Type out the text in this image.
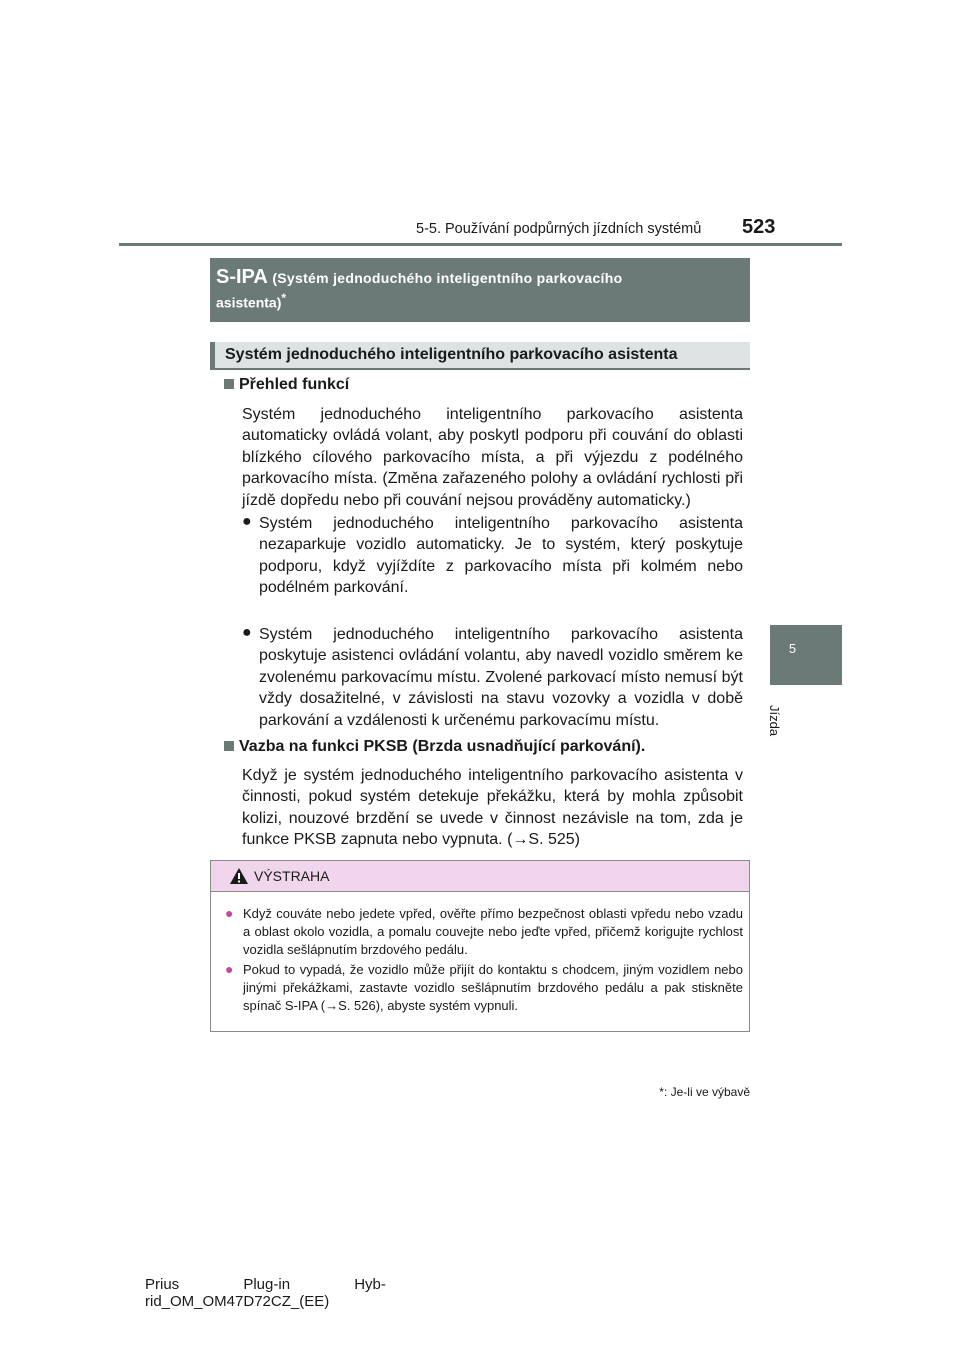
5-5. Používání podpůrných jízdních systémů 523
5
Jízda
S-IPA (Systém jednoduchého inteligentního parkovacího
asistenta)*
Systém jednoduchého inteligentního parkovacího asistenta
Přehled funkcí
Systém jednoduchého inteligentního parkovacího asistenta automaticky ovládá volant, aby poskytl podporu při couvání do oblasti blízkého cílového parkovacího místa, a při výjezdu z podélného parkovacího místa. (Změna zařazeného polohy a ovládání rychlosti při jízdě dopředu nebo při couvání nejsou prováděny automaticky.)
● Systém jednoduchého inteligentního parkovacího asistenta nezaparkuje vozidlo automaticky. Je to systém, který poskytuje podporu, když vyjíždíte z parkovacího místa při kolmém nebo podélném parkování.
● Systém jednoduchého inteligentního parkovacího asistenta poskytuje asistenci ovládání volantu, aby navedl vozidlo směrem ke zvolenému parkovacímu místu. Zvolené parkovací místo nemusí být vždy dosažitelné, v závislosti na stavu vozovky a vozidla v době parkování a vzdálenosti k určenému parkovacímu místu.
Vazba na funkci PKSB (Brzda usnadňující parkování).
Když je systém jednoduchého inteligentního parkovacího asistenta v činnosti, pokud systém detekuje překážku, která by mohla způsobit kolizi, nouzové brzdění se uvede v činnost nezávisle na tom, zda je funkce PKSB zapnuta nebo vypnuta. (→S. 525)
VÝSTRAHA
● Když couváte nebo jedete vpřed, ověřte přímo bezpečnost oblasti vpředu nebo vzadu a oblast okolo vozidla, a pomalu couvejte nebo jeďte vpřed, přičemž korigujte rychlost vozidla sešlápnutím brzdového pedálu.
● Pokud to vypadá, že vozidlo může přijít do kontaktu s chodcem, jiným vozidlem nebo jinými překážkami, zastavte vozidlo sešlápnutím brzdového pedálu a pak stiskněte spínač S-IPA (→S. 526), abyste systém vypnuli.
*: Je-li ve výbavě
Prius Plug-in Hyb-
rid_OM_OM47D72CZ_(EE)
